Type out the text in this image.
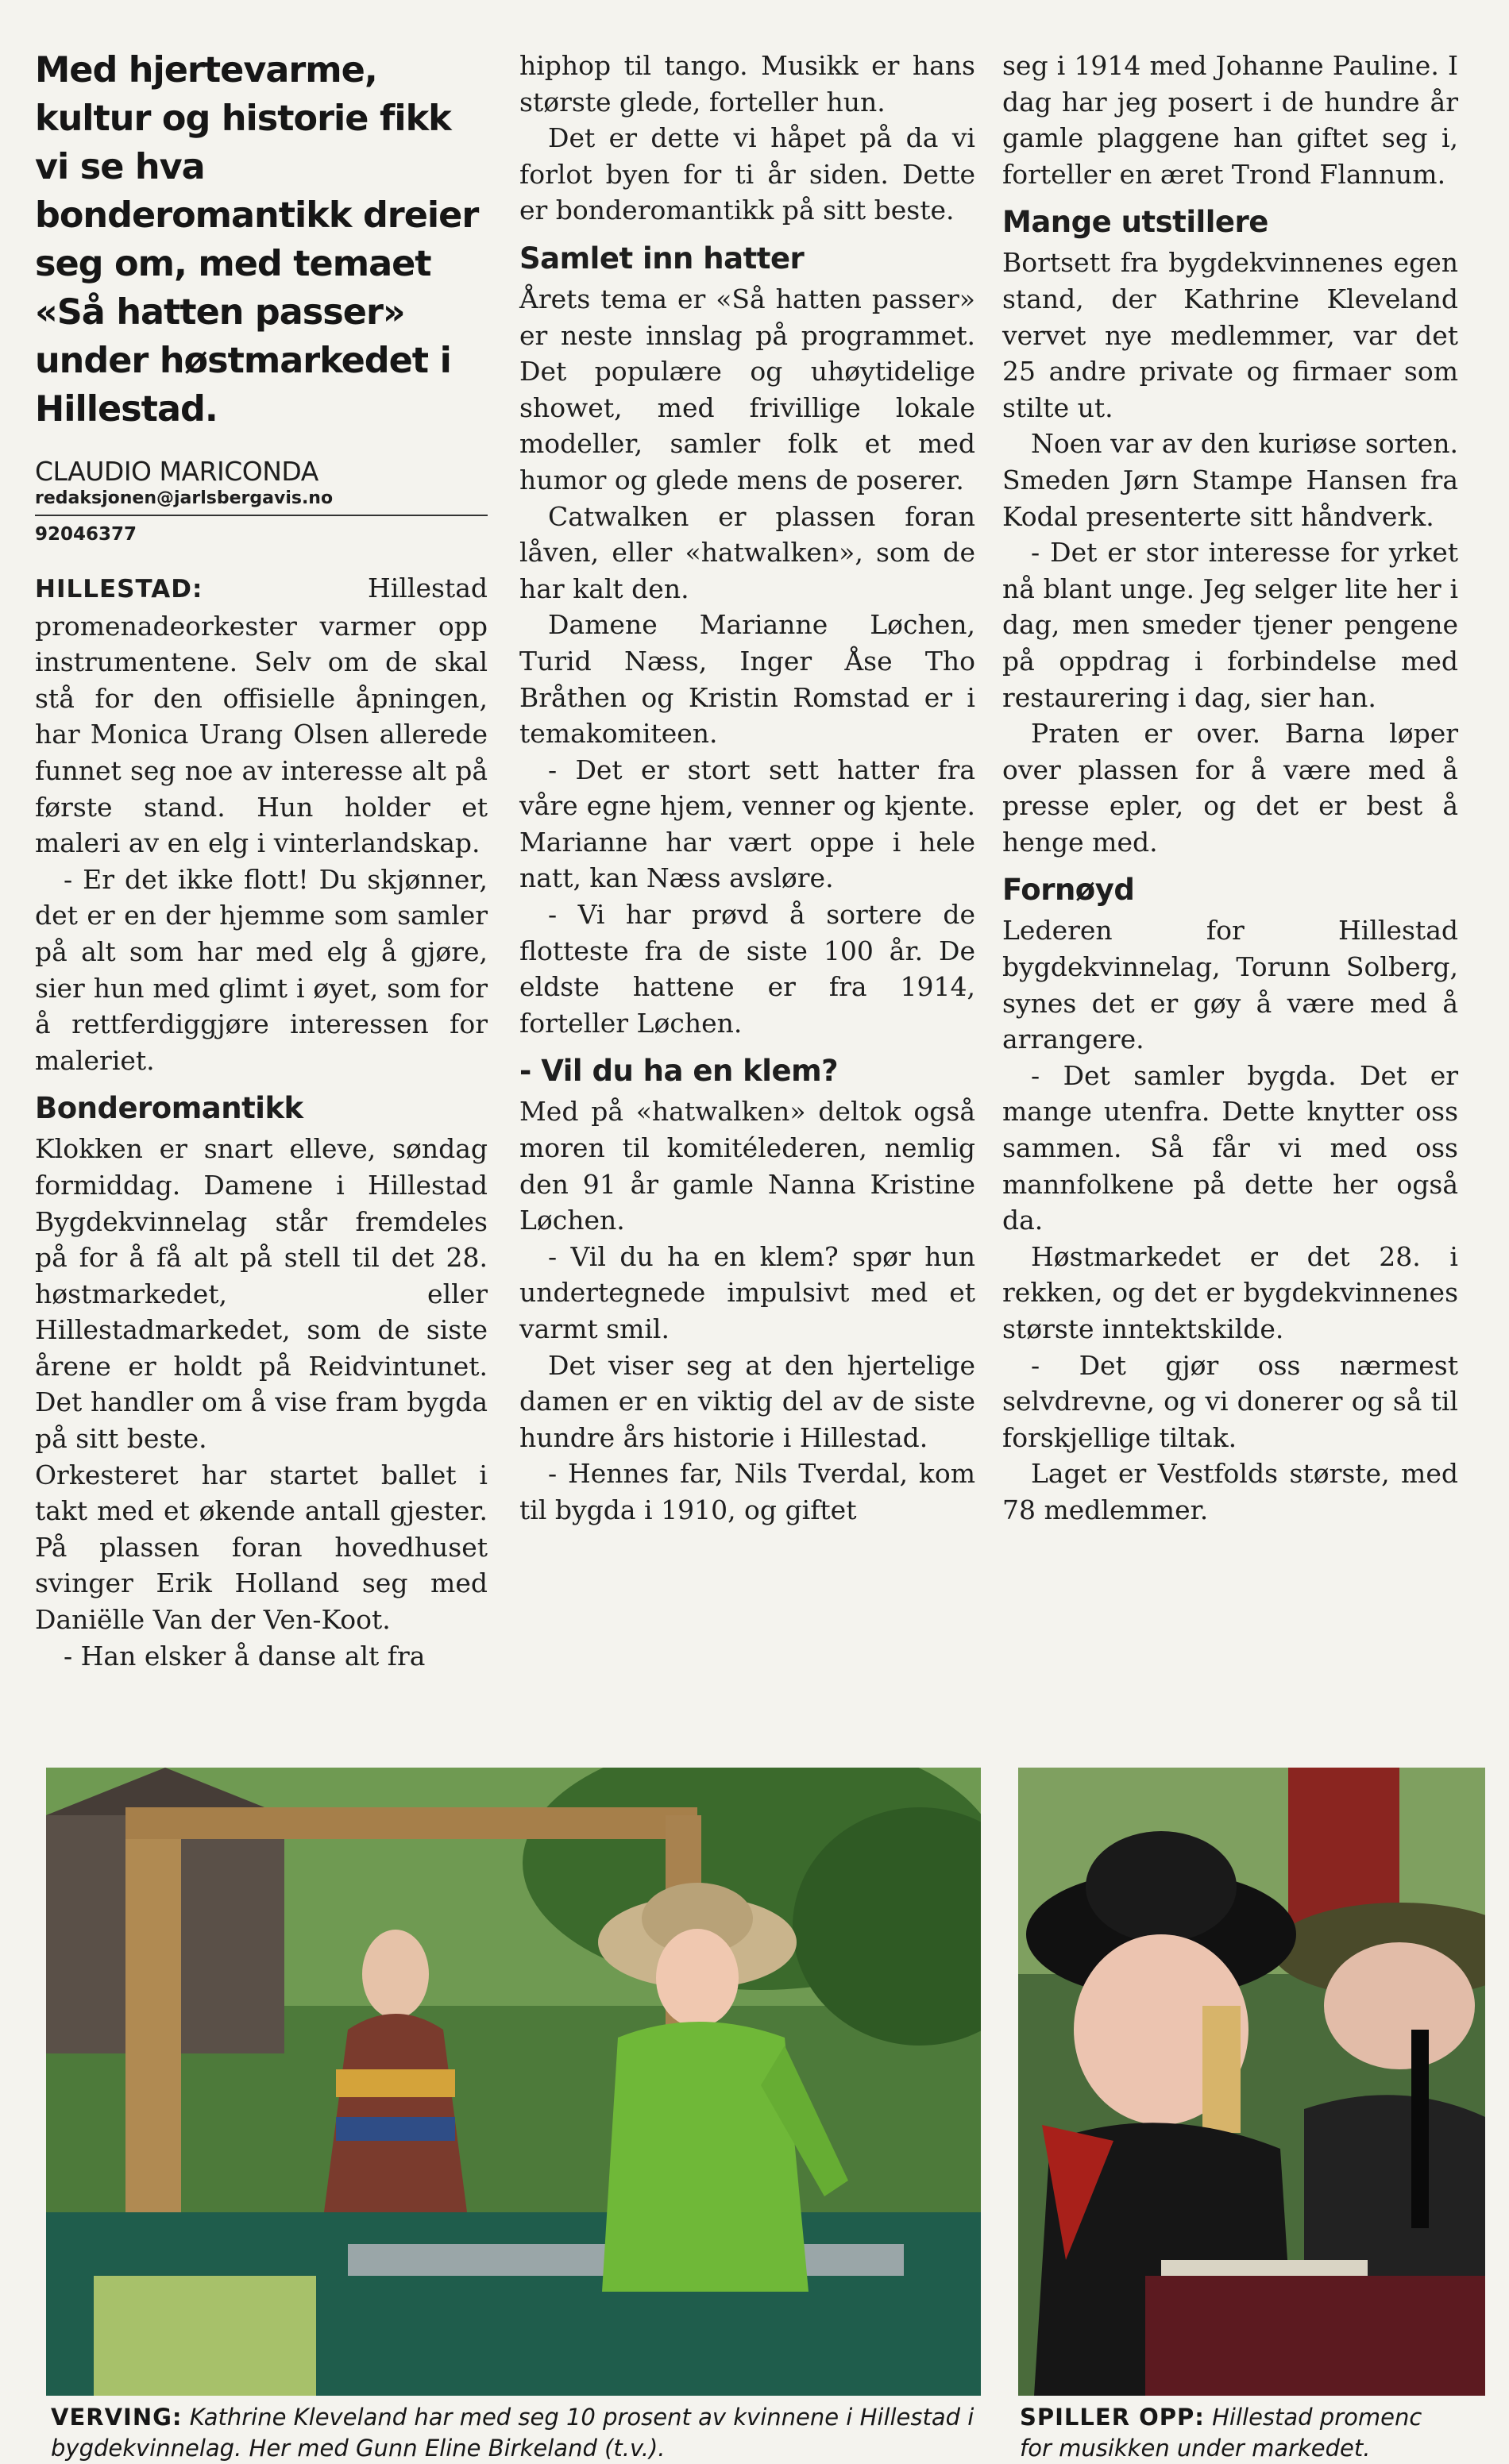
Med hjertevarme, kultur og historie fikk vi se hva bonderomantikk dreier seg om, med temaet «Så hatten passer» under høstmarkedet i Hillestad.
CLAUDIO MARICONDA
redaksjonen@jarlsbergavis.no
92046377

HILLESTAD:	Hillestad promenadeorkester varmer opp instrumentene. Selv om de skal stå for den offisielle åpningen, har Monica Urang Olsen allerede funnet seg noe av interesse alt på første stand. Hun holder et maleri av en elg i vinterlandskap.

- Er det ikke flott! Du skjønner, det er en der hjemme som samler på alt som har med elg å gjøre, sier hun med glimt i øyet, som for å rettferdiggjøre interessen for maleriet.

Bonderomantikk

Klokken er snart elleve, søndag formiddag. Damene i Hillestad Bygdekvinnelag står fremdeles på for å få alt på stell til det 28. høstmarkedet, eller Hillestadmarkedet, som de siste årene er holdt på Reidvintunet. Det handler om å vise fram bygda på sitt beste.

Orkesteret har startet ballet i takt med et økende antall gjester. På plassen foran hovedhuset svinger Erik Holland seg med Daniëlle Van der Ven-Koot.

- Han elsker å danse alt fra

hiphop til tango. Musikk er hans største glede, forteller hun.

Det er dette vi håpet på da vi forlot byen for ti år siden. Dette er bonderomantikk på sitt beste.

Samlet inn hatter

Årets tema er «Så hatten passer» er neste innslag på programmet. Det populære og uhøytidelige showet, med frivillige lokale modeller, samler folk et med humor og glede mens de poserer.

Catwalken er plassen foran låven, eller «hatwalken», som de har kalt den.

Damene Marianne Løchen, Turid Næss, Inger Åse Tho Bråthen og Kristin Romstad er i temakomiteen.

- Det er stort sett hatter fra våre egne hjem, venner og kjente. Marianne har vært oppe i hele natt, kan Næss avsløre.

- Vi har prøvd å sortere de flotteste fra de siste 100 år. De eldste hattene er fra 1914, forteller Løchen.

- Vil du ha en klem?

Med på «hatwalken» deltok også moren til komitélederen, nemlig den 91 år gamle Nanna Kristine Løchen.

- Vil du ha en klem? spør hun undertegnede impulsivt med et varmt smil.

Det viser seg at den hjertelige damen er en viktig del av de siste hundre års historie i Hillestad.

- Hennes far, Nils Tverdal, kom til bygda i 1910, og giftet

seg i 1914 med Johanne Pauline. I dag har jeg posert i de hundre år gamle plaggene han giftet seg i, forteller en æret Trond Flannum.

Mange utstillere

Bortsett fra bygdekvinnenes egen stand, der Kathrine Kleveland vervet nye medlemmer, var det 25 andre private og firmaer som stilte ut.

Noen var av den kuriøse sorten. Smeden Jørn Stampe Hansen fra Kodal presenterte sitt håndverk.

- Det er stor interesse for yrket nå blant unge. Jeg selger lite her i dag, men smeder tjener pengene på oppdrag i forbindelse med restaurering i dag, sier han.

Praten er over. Barna løper over plassen for å være med å presse epler, og det er best å henge med.

Fornøyd

Lederen for Hillestad bygdekvinnelag, Torunn Solberg, synes det er gøy å være med å arrangere.

- Det samler bygda. Det er mange utenfra. Dette knytter oss sammen. Så får vi med oss mannfolkene på dette her også da.

Høstmarkedet er det 28. i rekken, og det er bygdekvinnenes største inntektskilde.

- Det gjør oss nærmest selvdrevne, og vi donerer og så til forskjellige tiltak.

Laget er Vestfolds største, med 78 medlemmer.

VERVING: Kathrine Kleveland har med seg 10 prosent av kvinnene i Hillestad i bygdekvinnelag. Her med Gunn Eline Birkeland (t.v.).
SPILLER OPP: Hillestad promenc
for musikken under markedet.
